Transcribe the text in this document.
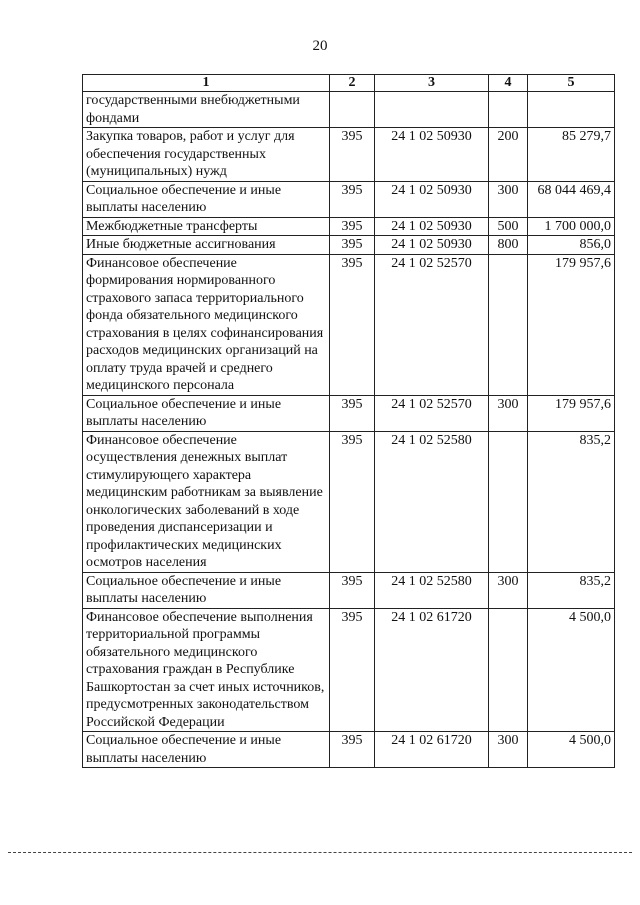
20
1	2	3	4	5
государственными внебюджетными фондами				
Закупка товаров, работ и услуг для обеспечения государственных (муниципальных) нужд	395	24 1 02 50930	200	85 279,7
Социальное обеспечение и иные выплаты населению	395	24 1 02 50930	300	68 044 469,4
Межбюджетные трансферты	395	24 1 02 50930	500	1 700 000,0
Иные бюджетные ассигнования	395	24 1 02 50930	800	856,0
Финансовое обеспечение формирования нормированного страхового запаса территориального фонда обязательного медицинского страхования в целях софинансирования расходов медицинских организаций на оплату труда врачей и среднего медицинского персонала	395	24 1 02 52570		179 957,6
Социальное обеспечение и иные выплаты населению	395	24 1 02 52570	300	179 957,6
Финансовое обеспечение осуществления денежных выплат стимулирующего характера медицинским работникам за выявление онкологических заболеваний в ходе проведения диспансеризации и профилактических медицинских осмотров населения	395	24 1 02 52580		835,2
Социальное обеспечение и иные выплаты населению	395	24 1 02 52580	300	835,2
Финансовое обеспечение выполнения территориальной программы обязательного медицинского страхования граждан в Республике Башкортостан за счет иных источников, предусмотренных законодательством Российской Федерации	395	24 1 02 61720		4 500,0
Социальное обеспечение и иные выплаты населению	395	24 1 02 61720	300	4 500,0
